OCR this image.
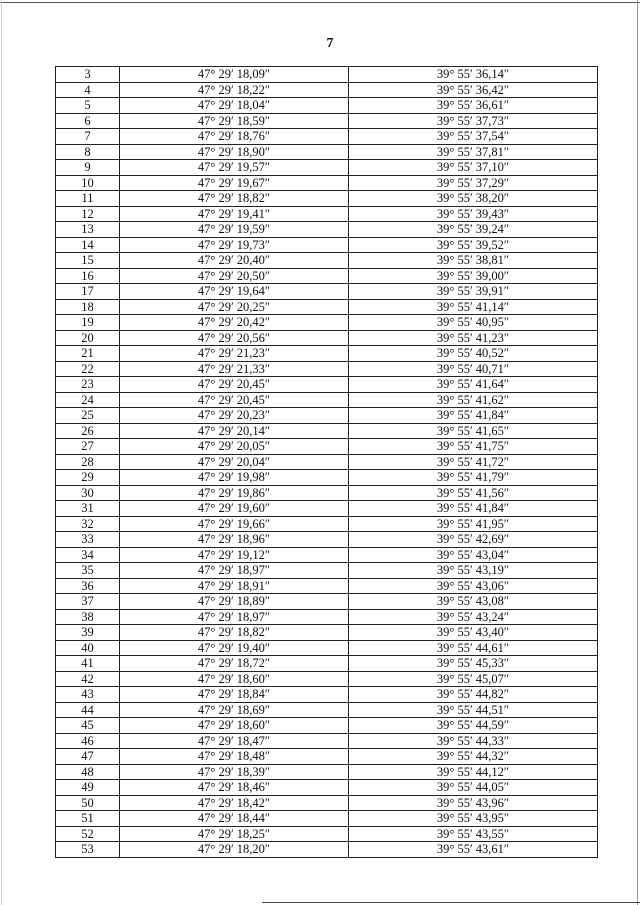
7
3	47° 29′ 18,09″	39° 55′ 36,14″
4	47° 29′ 18,22″	39° 55′ 36,42″
5	47° 29′ 18,04″	39° 55′ 36,61″
6	47° 29′ 18,59″	39° 55′ 37,73″
7	47° 29′ 18,76″	39° 55′ 37,54″
8	47° 29′ 18,90″	39° 55′ 37,81″
9	47° 29′ 19,57″	39° 55′ 37,10″
10	47° 29′ 19,67″	39° 55′ 37,29″
11	47° 29′ 18,82″	39° 55′ 38,20″
12	47° 29′ 19,41″	39° 55′ 39,43″
13	47° 29′ 19,59″	39° 55′ 39,24″
14	47° 29′ 19,73″	39° 55′ 39,52″
15	47° 29′ 20,40″	39° 55′ 38,81″
16	47° 29′ 20,50″	39° 55′ 39,00″
17	47° 29′ 19,64″	39° 55′ 39,91″
18	47° 29′ 20,25″	39° 55′ 41,14″
19	47° 29′ 20,42″	39° 55′ 40,95″
20	47° 29′ 20,56″	39° 55′ 41,23″
21	47° 29′ 21,23″	39° 55′ 40,52″
22	47° 29′ 21,33″	39° 55′ 40,71″
23	47° 29′ 20,45″	39° 55′ 41,64″
24	47° 29′ 20,45″	39° 55′ 41,62″
25	47° 29′ 20,23″	39° 55′ 41,84″
26	47° 29′ 20,14″	39° 55′ 41,65″
27	47° 29′ 20,05″	39° 55′ 41,75″
28	47° 29′ 20,04″	39° 55′ 41,72″
29	47° 29′ 19,98″	39° 55′ 41,79″
30	47° 29′ 19,86″	39° 55′ 41,56″
31	47° 29′ 19,60″	39° 55′ 41,84″
32	47° 29′ 19,66″	39° 55′ 41,95″
33	47° 29′ 18,96″	39° 55′ 42,69″
34	47° 29′ 19,12″	39° 55′ 43,04″
35	47° 29′ 18,97″	39° 55′ 43,19″
36	47° 29′ 18,91″	39° 55′ 43,06″
37	47° 29′ 18,89″	39° 55′ 43,08″
38	47° 29′ 18,97″	39° 55′ 43,24″
39	47° 29′ 18,82″	39° 55′ 43,40″
40	47° 29′ 19,40″	39° 55′ 44,61″
41	47° 29′ 18,72″	39° 55′ 45,33″
42	47° 29′ 18,60″	39° 55′ 45,07″
43	47° 29′ 18,84″	39° 55′ 44,82″
44	47° 29′ 18,69″	39° 55′ 44,51″
45	47° 29′ 18,60″	39° 55′ 44,59″
46	47° 29′ 18,47″	39° 55′ 44,33″
47	47° 29′ 18,48″	39° 55′ 44,32″
48	47° 29′ 18,39″	39° 55′ 44,12″
49	47° 29′ 18,46″	39° 55′ 44,05″
50	47° 29′ 18,42″	39° 55′ 43,96″
51	47° 29′ 18,44″	39° 55′ 43,95″
52	47° 29′ 18,25″	39° 55′ 43,55″
53	47° 29′ 18,20″	39° 55′ 43,61″
